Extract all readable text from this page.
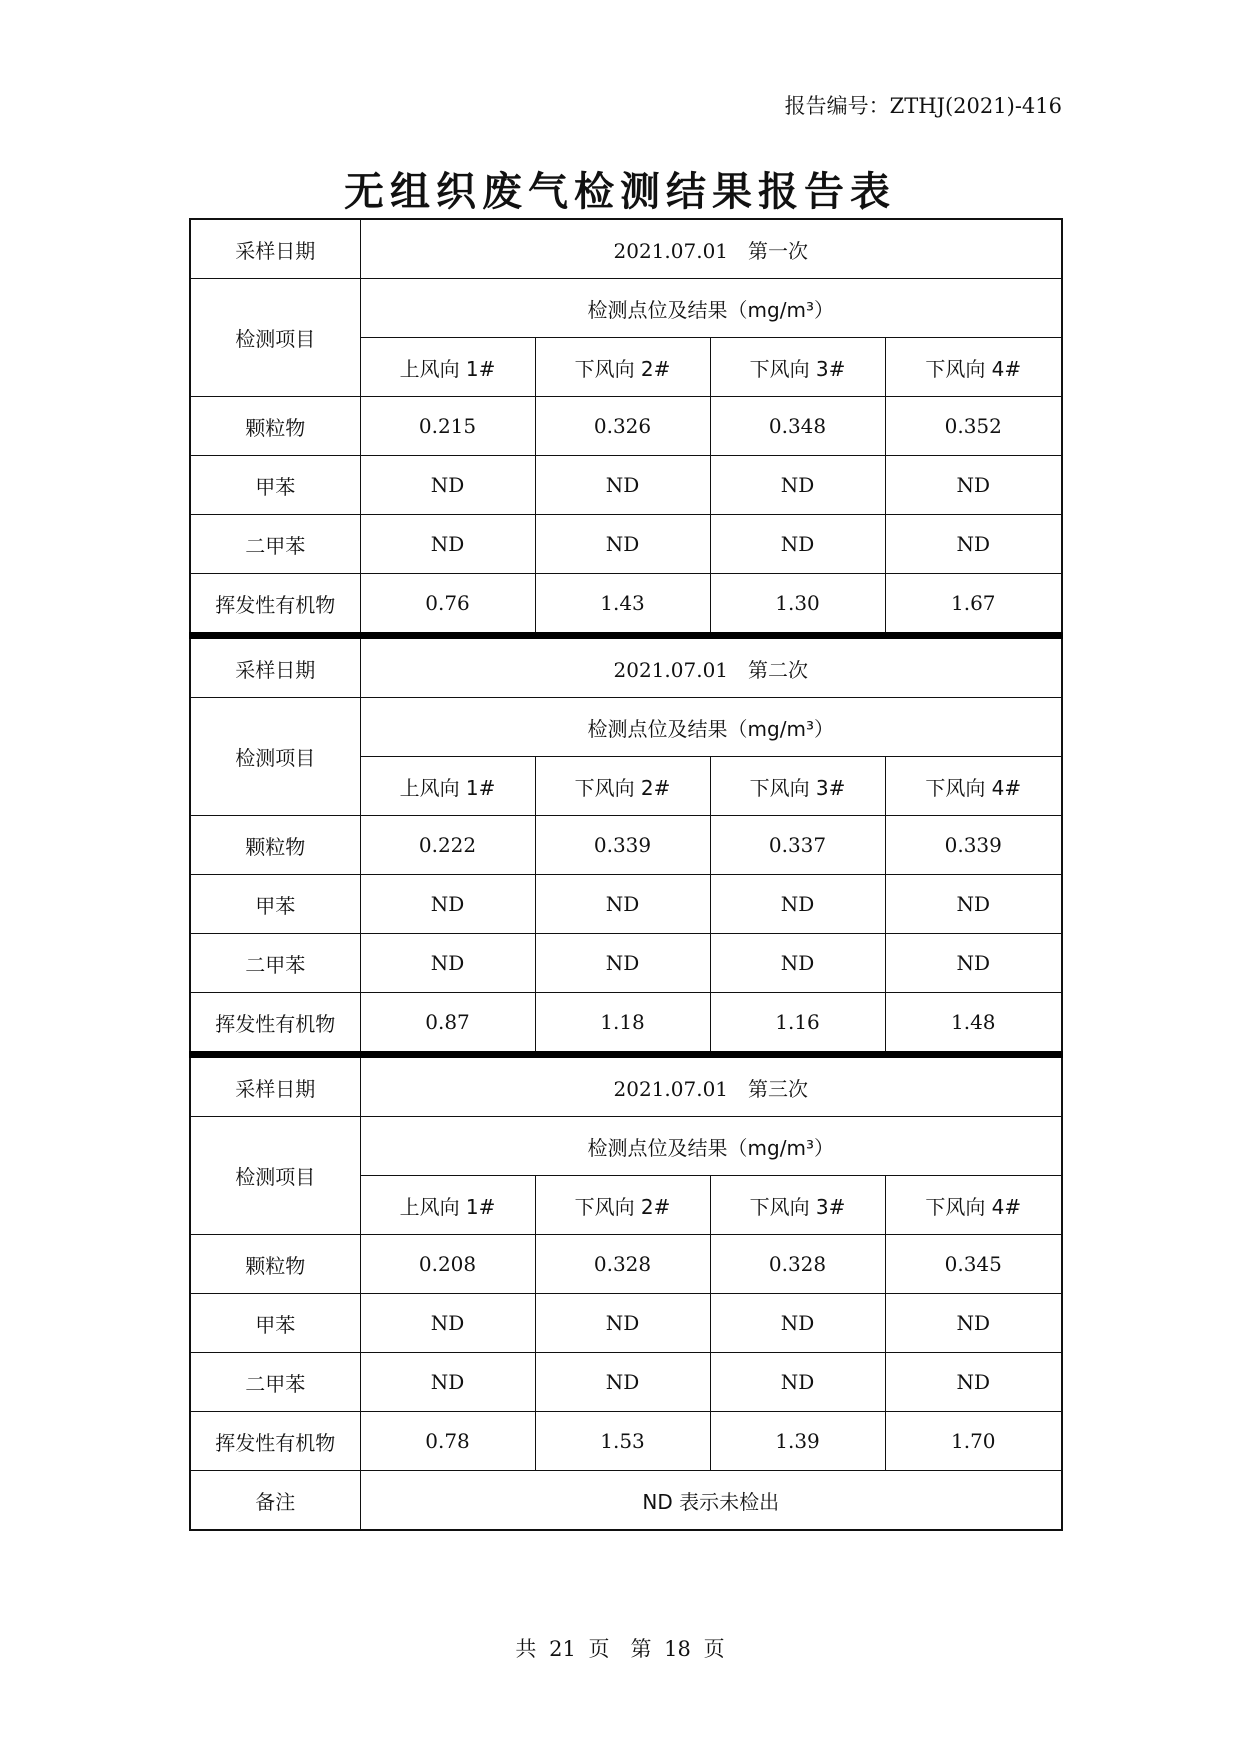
报告编号：ZTHJ(2021)-416
无组织废气检测结果报告表
采样日期	2021.07.01　第一次			
检测项目	检测点位及结果（mg/m³）			
	上风向 1#	下风向 2#	下风向 3#	下风向 4#
颗粒物	0.215	0.326	0.348	0.352
甲苯	ND	ND	ND	ND
二甲苯	ND	ND	ND	ND
挥发性有机物	0.76	1.43	1.30	1.67
采样日期	2021.07.01　第二次			
检测项目	检测点位及结果（mg/m³）			
	上风向 1#	下风向 2#	下风向 3#	下风向 4#
颗粒物	0.222	0.339	0.337	0.339
甲苯	ND	ND	ND	ND
二甲苯	ND	ND	ND	ND
挥发性有机物	0.87	1.18	1.16	1.48
采样日期	2021.07.01　第三次			
检测项目	检测点位及结果（mg/m³）			
	上风向 1#	下风向 2#	下风向 3#	下风向 4#
颗粒物	0.208	0.328	0.328	0.345
甲苯	ND	ND	ND	ND
二甲苯	ND	ND	ND	ND
挥发性有机物	0.78	1.53	1.39	1.70
备注	ND 表示未检出			
共 21 页　第 18 页
